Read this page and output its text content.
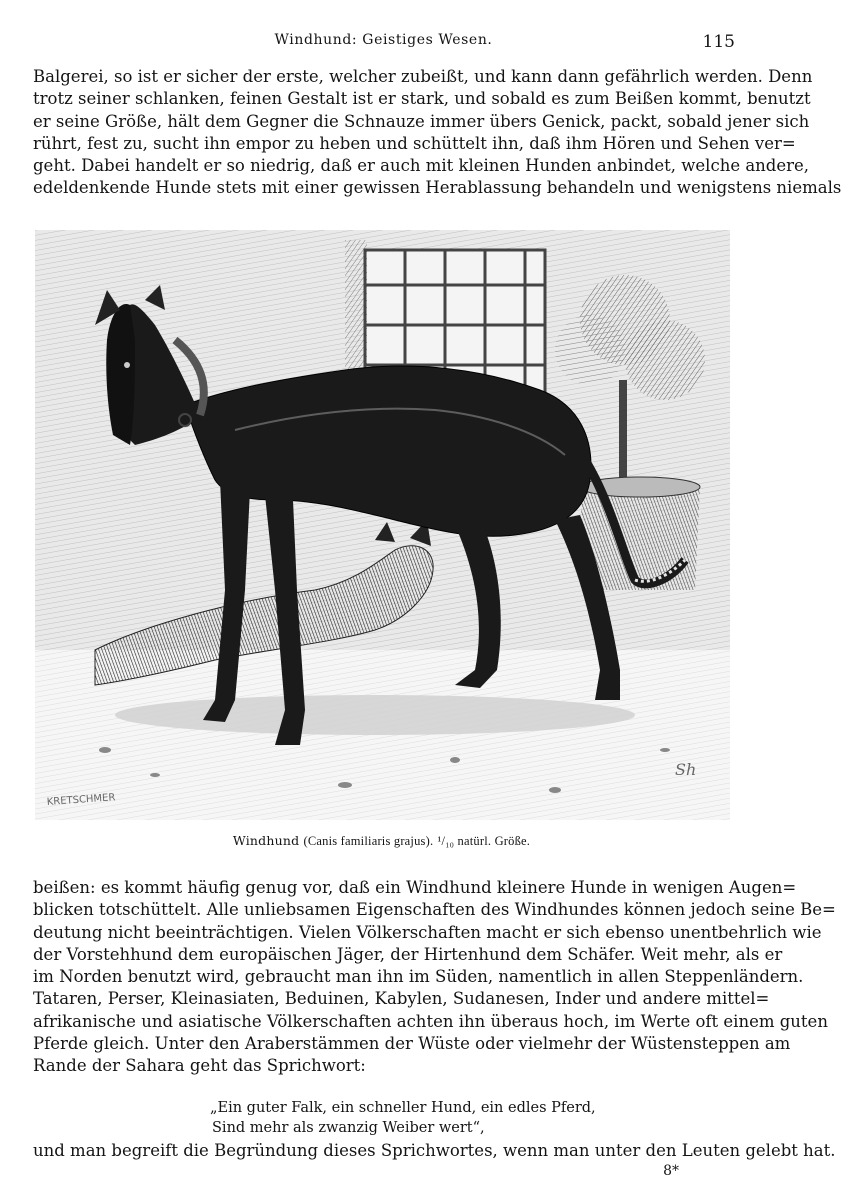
Windhund: Geistiges Wesen.	115
Balgerei, so ist er sicher der erste, welcher zubeißt, und kann dann gefährlich werden. Denn
trotz seiner schlanken, feinen Gestalt ist er stark, und sobald es zum Beißen kommt, benutzt
er seine Größe, hält dem Gegner die Schnauze immer übers Genick, packt, sobald jener sich
rührt, fest zu, sucht ihn empor zu heben und schüttelt ihn, daß ihm Hören und Sehen ver=
geht. Dabei handelt er so niedrig, daß er auch mit kleinen Hunden anbindet, welche andere,
edeldenkende Hunde stets mit einer gewissen Herablassung behandeln und wenigstens niemals
KRETSCHMER
Sh
Windhund (Canis familiaris grajus). ¹/₁₀ natürl. Größe.
beißen: es kommt häufig genug vor, daß ein Windhund kleinere Hunde in wenigen Augen=
blicken totschüttelt. Alle unliebsamen Eigenschaften des Windhundes können jedoch seine Be=
deutung nicht beeinträchtigen. Vielen Völkerschaften macht er sich ebenso unentbehrlich wie
der Vorstehhund dem europäischen Jäger, der Hirtenhund dem Schäfer. Weit mehr, als er
im Norden benutzt wird, gebraucht man ihn im Süden, namentlich in allen Steppenländern.
Tataren, Perser, Kleinasiaten, Beduinen, Kabylen, Sudanesen, Inder und andere mittel=
afrikanische und asiatische Völkerschaften achten ihn überaus hoch, im Werte oft einem guten
Pferde gleich. Unter den Araberstämmen der Wüste oder vielmehr der Wüstensteppen am
Rande der Sahara geht das Sprichwort:
„Ein guter Falk, ein schneller Hund, ein edles Pferd,
Sind mehr als zwanzig Weiber wert“,
und man begreift die Begründung dieses Sprichwortes, wenn man unter den Leuten gelebt hat.
8*
